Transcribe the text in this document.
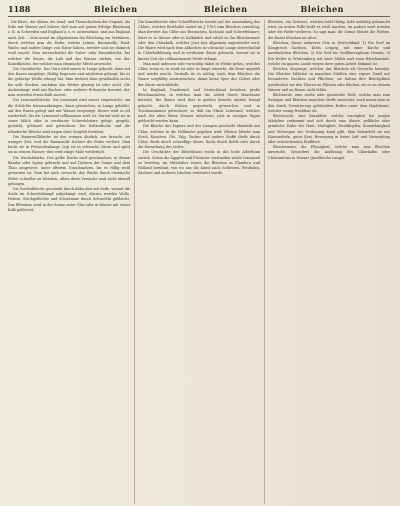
1188	Bleichen	Bleichen	Bleichen

– Die Küste, der Abbau, die Sand- und Thonschichten der Gegend, die Erde mit Wasser und Salzen; daß man mit gutem Erfolge Bleichung z. B. in Schweden und England u. s. w. unternehme, und aus England nach Zeit. – Man nennt im Allgemeinen die Bleichung ein Verfahren, durch welches man die Farbe, welche Leinen, Baumwolle, Hanf, Wachs und andere Dinge von Natur haben, zerstört und sie dadurch weiß macht. Man unterscheidet die Natur- oder Rasenbleiche, bei welcher die Sonne, die Luft und das Wasser wirken, von der Kunstbleiche, bei welcher man chemische Mittel anwendet.

Die Garnbleiche. Das Garn wird zuerst in Lauge gekocht, dann auf den Rasen ausgelegt, fleißig begossen und wiederum gelaugt, bis es die gehörige Weiße erlangt hat. Man rechnet dazu gewöhnlich sechs bis acht Wochen, nachdem das Wetter günstig ist oder nicht. Die Aschenlauge wird aus Buchen- oder anderer Holzasche bereitet, der man zuweilen etwas Kalk zusetzt.

Die Leinwandbleiche. Die Leinwand wird zuerst eingeweicht, um die Schlichte herauszubringen, dann gewaschen, in Lauge gebrüht, auf den Rasen gelegt und mit Wasser besprengt. Dieses wird so oft wiederholt, bis die Leinwand vollkommen weiß ist. Darauf wird sie in saure Milch oder in verdünnte Schwefelsäure gelegt, gespült, gestärkt, geblauet und getrocknet. Die holländische und die irländische Bleiche sind wegen ihrer Sorgfalt berühmt.

Die Baumwollbleiche ist der vorigen ähnlich, nur braucht sie weniger Zeit, weil die Baumwolle leichter die Farbe verliert. Man kocht sie in Pottaschenlauge, legt sie in schwache Säure und spült sie in reinem Wasser; dies wird einige Male wiederholt.

Die Wachsbleiche. Das gelbe Wachs wird geschmolzen, in dünne Bänder oder Späne gebracht und auf Tüchern der Sonne und dem Thau ausgesetzt, unter öfterem Umschmelzen, bis es völlig weiß geworden ist. Man hat auch versucht, das Wachs durch chemische Mittel schneller zu bleichen, allein diese Versuche sind nicht überall gelungen.

Die Seidenbleiche geschieht durch Abkochen mit Seife, worauf die Seide im Schwefeldampf aufgehängt wird; ebenso werden Wolle, Federn, Strohgeflechte und Schwämme durch Schwefeln gebleicht. Das Elfenbein wird in der Sonne unter Glas oder in Wasser mit etwas Kalk gebleicht.

Die Kunstbleiche oder Schnellbleiche beruht auf der Anwendung des Chlors, welches Berthollet zuerst im J. 1785 zum Bleichen vorschlug. Man bereitet das Chlor aus Braunstein, Kochsalz und Schwefelsäure, leitet es in Wasser oder in Kalkmilch und erhält so das Bleichwasser oder den Chlorkalk, welcher jetzt fast allgemein angewendet wird. Die Waare wird nach dem Abkochen in schwache Lauge abwechselnd in Chlorkalklösung und in verdünnte Säure gebracht, worauf sie in kurzer Zeit die vollkommenste Weiße erlangt.

Man muß indessen sehr vorsichtig dabei zu Werke gehen, weil das Chlor, wenn es zu stark ist oder zu lange einwirkt, die Faser angreift und mürbe macht. Deshalb ist es nöthig, nach dem Bleichen die Waare sorgfältig auszuwaschen, damit keine Spur des Chlors oder der Säure zurückbleibt.

In England, Frankreich und Deutschland bestehen große Bleichanstalten, in welchen man die Arbeit durch Maschinen betreibt. Die Waare wird dort in großen Kesseln mittels Dampf gekocht, durch Walzen gequetscht, gewaschen und in Trockenräumen getrocknet; so daß ein Stück Leinwand, welches nach der alten Weise Monate erforderte, jetzt in wenigen Tagen gebleicht werden kann.

Die Bleiche des Papiers und der Lumpen geschieht ebenfalls mit Chlor, welches in die Holländer gegeben wird. Ebenso bleicht man Stroh, Knochen, Öle, Talg, Zucker und andere Stoffe theils durch Chlor, theils durch schweflige Säure, theils durch Kohle oder durch die Einwirkung des Lichts.

Die Geschichte der Bleichkunst reicht in das hohe Alterthum zurück. Schon die Ägypter und Phönicier verstanden weiße Leinwand zu bereiten; im Mittelalter waren die Bleichen in Flandern und Holland berühmt, von wo aus die Kunst nach Schlesien, Westfalen, Sachsen und anderen Ländern verbreitet wurde.

Bleichen, ein Zeitwort, welches bald thätig, bald unthätig gebraucht wird; im ersten Falle heißt es weiß machen, im andern weiß werden oder die Farbe verlieren. So sagt man: die Sonne bleicht die Farben, die Haare bleichen im Alter.

Bleichen, Name mehrerer Orte in Deutschland. 1) Ein Dorf im Königreich Sachsen, Kreis Leipzig, mit einer Kirche und ansehnlichen Bleichen. 2) Ein Dorf im Großherzogthum Hessen. 3) Ein Weiler in Würtemberg mit einer Mühle und einer Bleichanstalt, welche im ganzen Lande wegen ihrer guten Arbeit bekannt ist.

Bleicher, derjenige, welcher das Bleichen als Gewerbe betreibt. Die Bleicher bildeten in manchen Städten eine eigene Zunft mit besonderen Rechten und Pflichten; sie hatten ihre Bleichplätze gewöhnlich vor den Thoren an Flüssen oder Bächen, wo es an reinem Wasser und an Rasen nicht fehlte.

Bleicherde, eine weiße oder grauweiße Erde, welche man zum Reinigen und Bleichen mancher Stoffe anwendet; auch nennt man so den durch Verwitterung gebleichten Boden unter dem Haidekraut, welcher wenig fruchtbar ist.

Bleichsucht, eine Krankheit, welche vorzüglich bei jungen Mädchen vorkommt und sich durch eine blasse, gelbliche oder grünliche Farbe der Haut, Mattigkeit, Herzklopfen, Kurzathmigkeit und Störungen der Verdauung kund gibt. Man behandelt sie mit Eisenmitteln, guter Kost, Bewegung in freier Luft und Vermeidung aller schwächenden Einflüsse.

Bleichwasser, die Flüssigkeit, welche man zum Bleichen anwendet, besonders die Auflösung des Chlorkalks oder Chlornatrons in Wasser (Javellesche Lauge).
